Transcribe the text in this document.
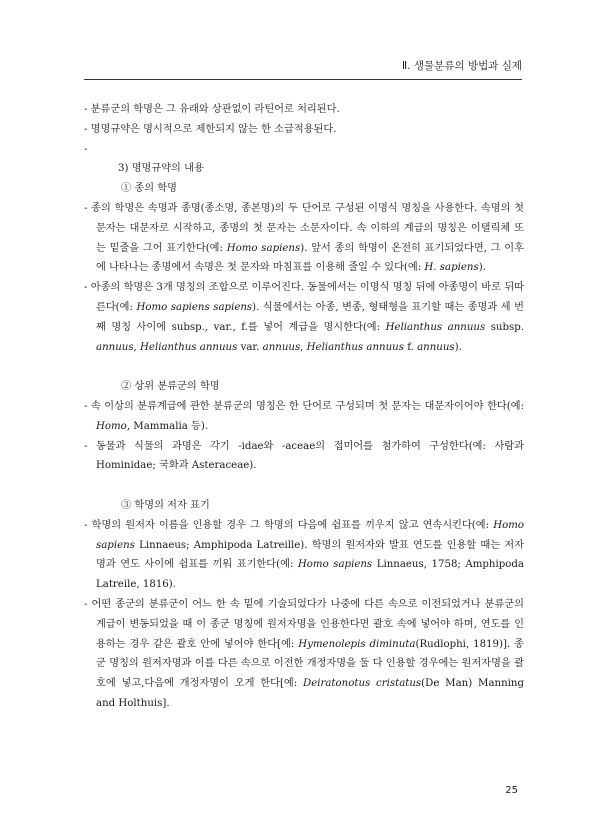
Ⅱ. 생물분류의 방법과 실제

- 분류군의 학명은 그 유래와 상관없이 라틴어로 처리된다.

- 명명규약은 명시적으로 제한되지 않는 한 소급적용된다.

-

3) 명명규약의 내용

① 종의 학명

- 종의 학명은 속명과 종명(종소명, 종본명)의 두 단어로 구성된 이명식 명칭을 사용한다. 속명의 첫 문자는 대문자로 시작하고, 종명의 첫 문자는 소문자이다. 속 이하의 계급의 명칭은 이탤릭체 또는 밑줄을 그어 표기한다(예: Homo sapiens). 앞서 종의 학명이 온전히 표기되었다면, 그 이후에 나타나는 종명에서 속명은 첫 문자와 마침표를 이용해 줄일 수 있다(예: H. sapiens).

- 아종의 학명은 3개 명칭의 조합으로 이루어진다. 동물에서는 이명식 명칭 뒤에 아종명이 바로 뒤따른다(예: Homo sapiens sapiens). 식물에서는 아종, 변종, 형태형을 표기할 때는 종명과 세 번째 명칭 사이에 subsp., var., f.를 넣어 계급을 명시한다(예: Helianthus annuus subsp. annuus, Helianthus annuus var. annuus, Helianthus annuus f. annuus).

② 상위 분류군의 학명

- 속 이상의 분류계급에 관한 분류군의 명칭은 한 단어로 구성되며 첫 문자는 대문자이어야 한다(예: Homo, Mammalia 등).

- 동물과 식물의 과명은 각기 -idae와 -aceae의 접미어를 첨가하여 구성한다(예: 사람과 Hominidae; 국화과 Asteraceae).

③ 학명의 저자 표기

- 학명의 원저자 이름을 인용할 경우 그 학명의 다음에 쉼표를 끼우지 않고 연속시킨다(예: Homo sapiens Linnaeus; Amphipoda Latreille). 학명의 원저자와 발표 연도를 인용할 때는 저자명과 연도 사이에 쉼표를 끼워 표기한다(예: Homo sapiens Linnaeus, 1758; Amphipoda Latreile, 1816).

- 어떤 종군의 분류군이 어느 한 속 밑에 기술되었다가 나중에 다른 속으로 이전되었거나 분류군의 계급이 변동되었을 때 이 종군 명칭에 원저자명을 인용한다면 괄호 속에 넣어야 하며, 연도를 인용하는 경우 같은 괄호 안에 넣어야 한다[예: Hymenolepis diminuta(Rudlophi, 1819)]. 종군 명칭의 원저자명과 이를 다른 속으로 이전한 개정자명을 둘 다 인용할 경우에는 원저자명을 괄호에 넣고,다음에 개정자명이 오게 한다[예: Deiratonotus cristatus(De Man) Manning and Holthuis].

25
